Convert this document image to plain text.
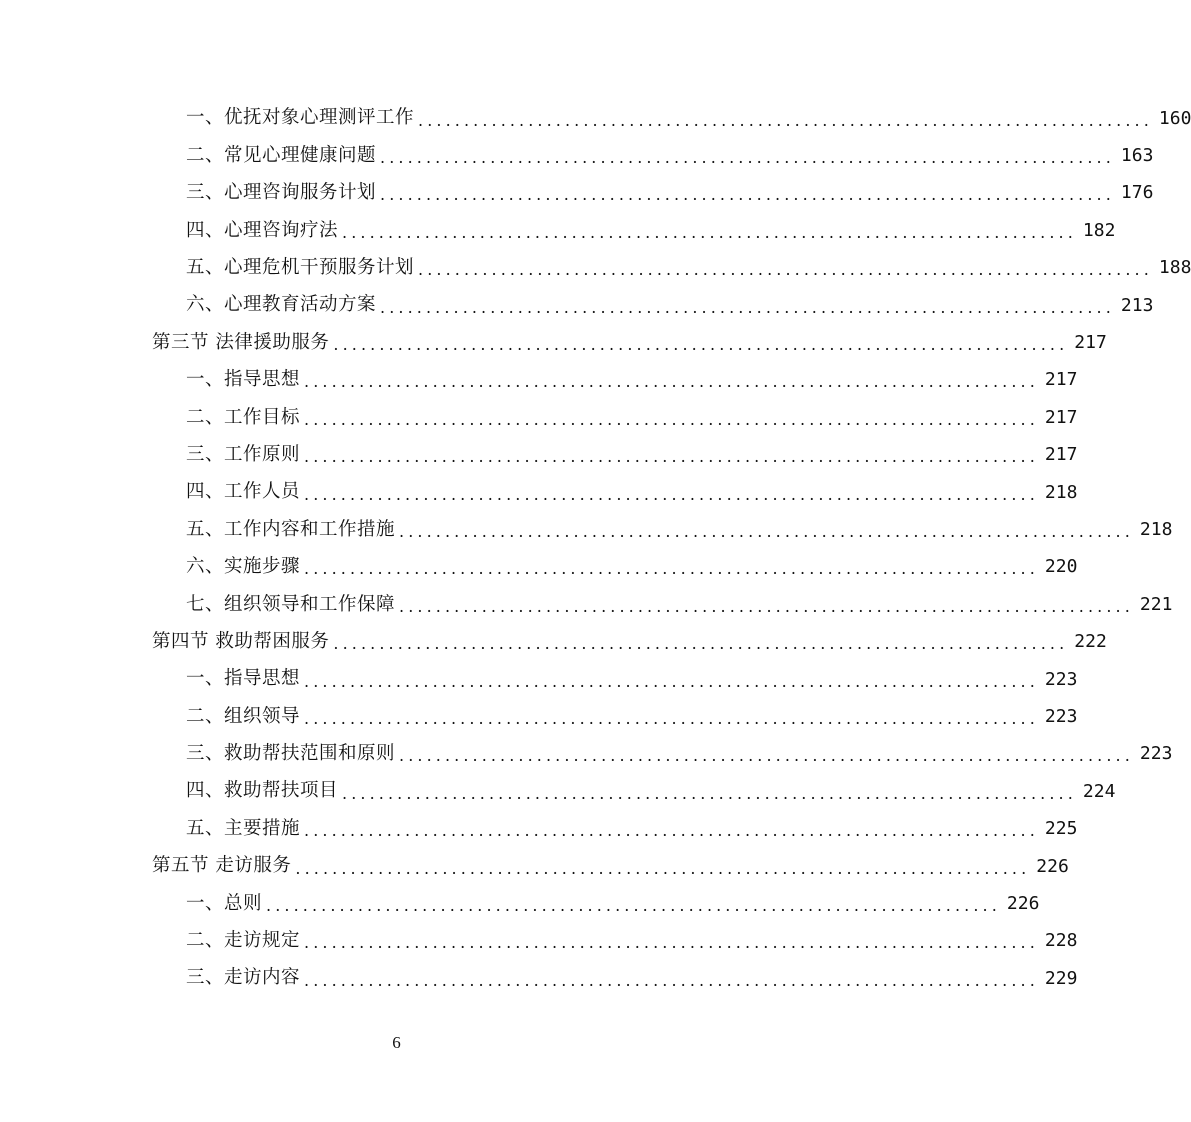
一、优抚对象心理测评工作 ................................................................................ 160
二、常见心理健康问题 ................................................................................ 163
三、心理咨询服务计划 ................................................................................ 176
四、心理咨询疗法 ................................................................................ 182
五、心理危机干预服务计划 ................................................................................ 188
六、心理教育活动方案 ................................................................................ 213
第三节 法律援助服务 ................................................................................ 217
一、指导思想 ................................................................................ 217
二、工作目标 ................................................................................ 217
三、工作原则 ................................................................................ 217
四、工作人员 ................................................................................ 218
五、工作内容和工作措施 ................................................................................ 218
六、实施步骤 ................................................................................ 220
七、组织领导和工作保障 ................................................................................ 221
第四节 救助帮困服务 ................................................................................ 222
一、指导思想 ................................................................................ 223
二、组织领导 ................................................................................ 223
三、救助帮扶范围和原则 ................................................................................ 223
四、救助帮扶项目 ................................................................................ 224
五、主要措施 ................................................................................ 225
第五节 走访服务 ................................................................................ 226
一、总则 ................................................................................ 226
二、走访规定 ................................................................................ 228
三、走访内容 ................................................................................ 229
6
